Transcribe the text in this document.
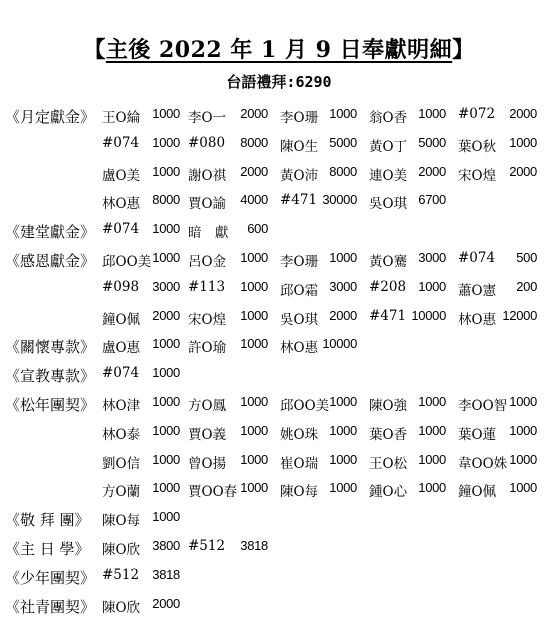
【主後 2022 年 1 月 9 日奉獻明細】
台語禮拜:6290
《月定獻金》 王O綸 1000 李O一	2000 李O珊 1000 翁O香 1000 #072	2000
#074	1000 #080	8000 陳O生 5000 黃O丁 5000 葉O秋	1000
盧O美 1000 謝O祺	2000 黃O沛 8000 連O美 2000 宋O煌	2000
林O惠 8000 賈O諭	4000 #471 30000 吳O琪 6700
《建堂獻金》 #074	1000 暗　獻	600
《感恩獻金》 邱OO美 1000 呂O金	1000 李O珊 1000 黃O騫 3000 #074	500
#098	3000 #113	1000 邱O霜 3000 #208 1000 蕭O憲	200
鐘O佩 2000 宋O煌	1000 吳O琪 2000 #471 10000 林O惠 12000
《關懷專款》 盧O惠 1000 許O瑜	1000 林O惠 10000
《宣教專款》 #074	1000
《松年團契》 林O津 1000 方O鳳	1000 邱OO美 1000 陳O強 1000 李OO智 1000
林O泰 1000 賈O義	1000 姚O珠 1000 葉O香 1000 葉O蓮	1000
劉O信 1000 曾O揚	1000 崔O瑞 1000 王O松 1000 韋OO姝 1000
方O蘭 1000 賈OO春 1000 陳O每 1000 鍾O心 1000 鐘O佩	1000
《敬 拜 團》 陳O每 1000
《主 日 學》 陳O欣 3800 #512	3818
《少年團契》 #512	3818
《社青團契》 陳O欣 2000
